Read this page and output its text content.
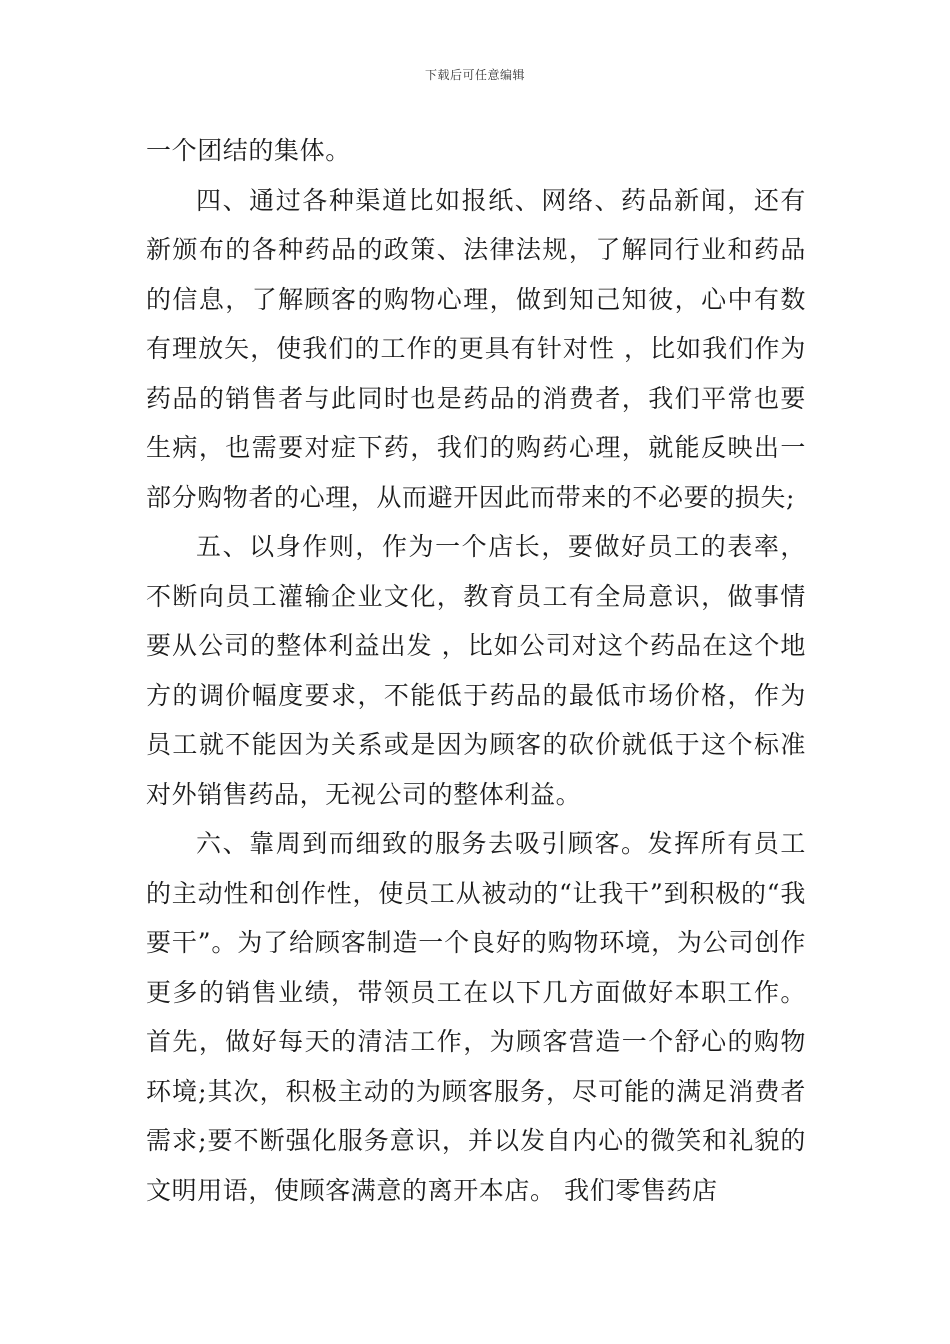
下载后可任意编辑

一个团结的集体。

四、通过各种渠道比如报纸、网络、药品新闻，还有新颁布的各种药品的政策、法律法规，了解同行业和药品的信息，了解顾客的购物心理，做到知己知彼，心中有数有理放矢，使我们的工作的更具有针对性 ，比如我们作为药品的销售者与此同时也是药品的消费者，我们平常也要生病，也需要对症下药，我们的购药心理，就能反映出一部分购物者的心理，从而避开因此而带来的不必要的损失;

五、以身作则，作为一个店长，要做好员工的表率，不断向员工灌输企业文化，教育员工有全局意识，做事情要从公司的整体利益出发 ，比如公司对这个药品在这个地方的调价幅度要求，不能低于药品的最低市场价格，作为员工就不能因为关系或是因为顾客的砍价就低于这个标准对外销售药品，无视公司的整体利益。

六、靠周到而细致的服务去吸引顾客。发挥所有员工的主动性和创作性，使员工从被动的“让我干”到积极的“我要干”。为了给顾客制造一个良好的购物环境，为公司创作更多的销售业绩，带领员工在以下几方面做好本职工作。首先，做好每天的清洁工作，为顾客营造一个舒心的购物环境;其次，积极主动的为顾客服务，尽可能的满足消费者需求;要不断强化服务意识，并以发自内心的微笑和礼貌的文明用语，使顾客满意的离开本店。 我们零售药店
